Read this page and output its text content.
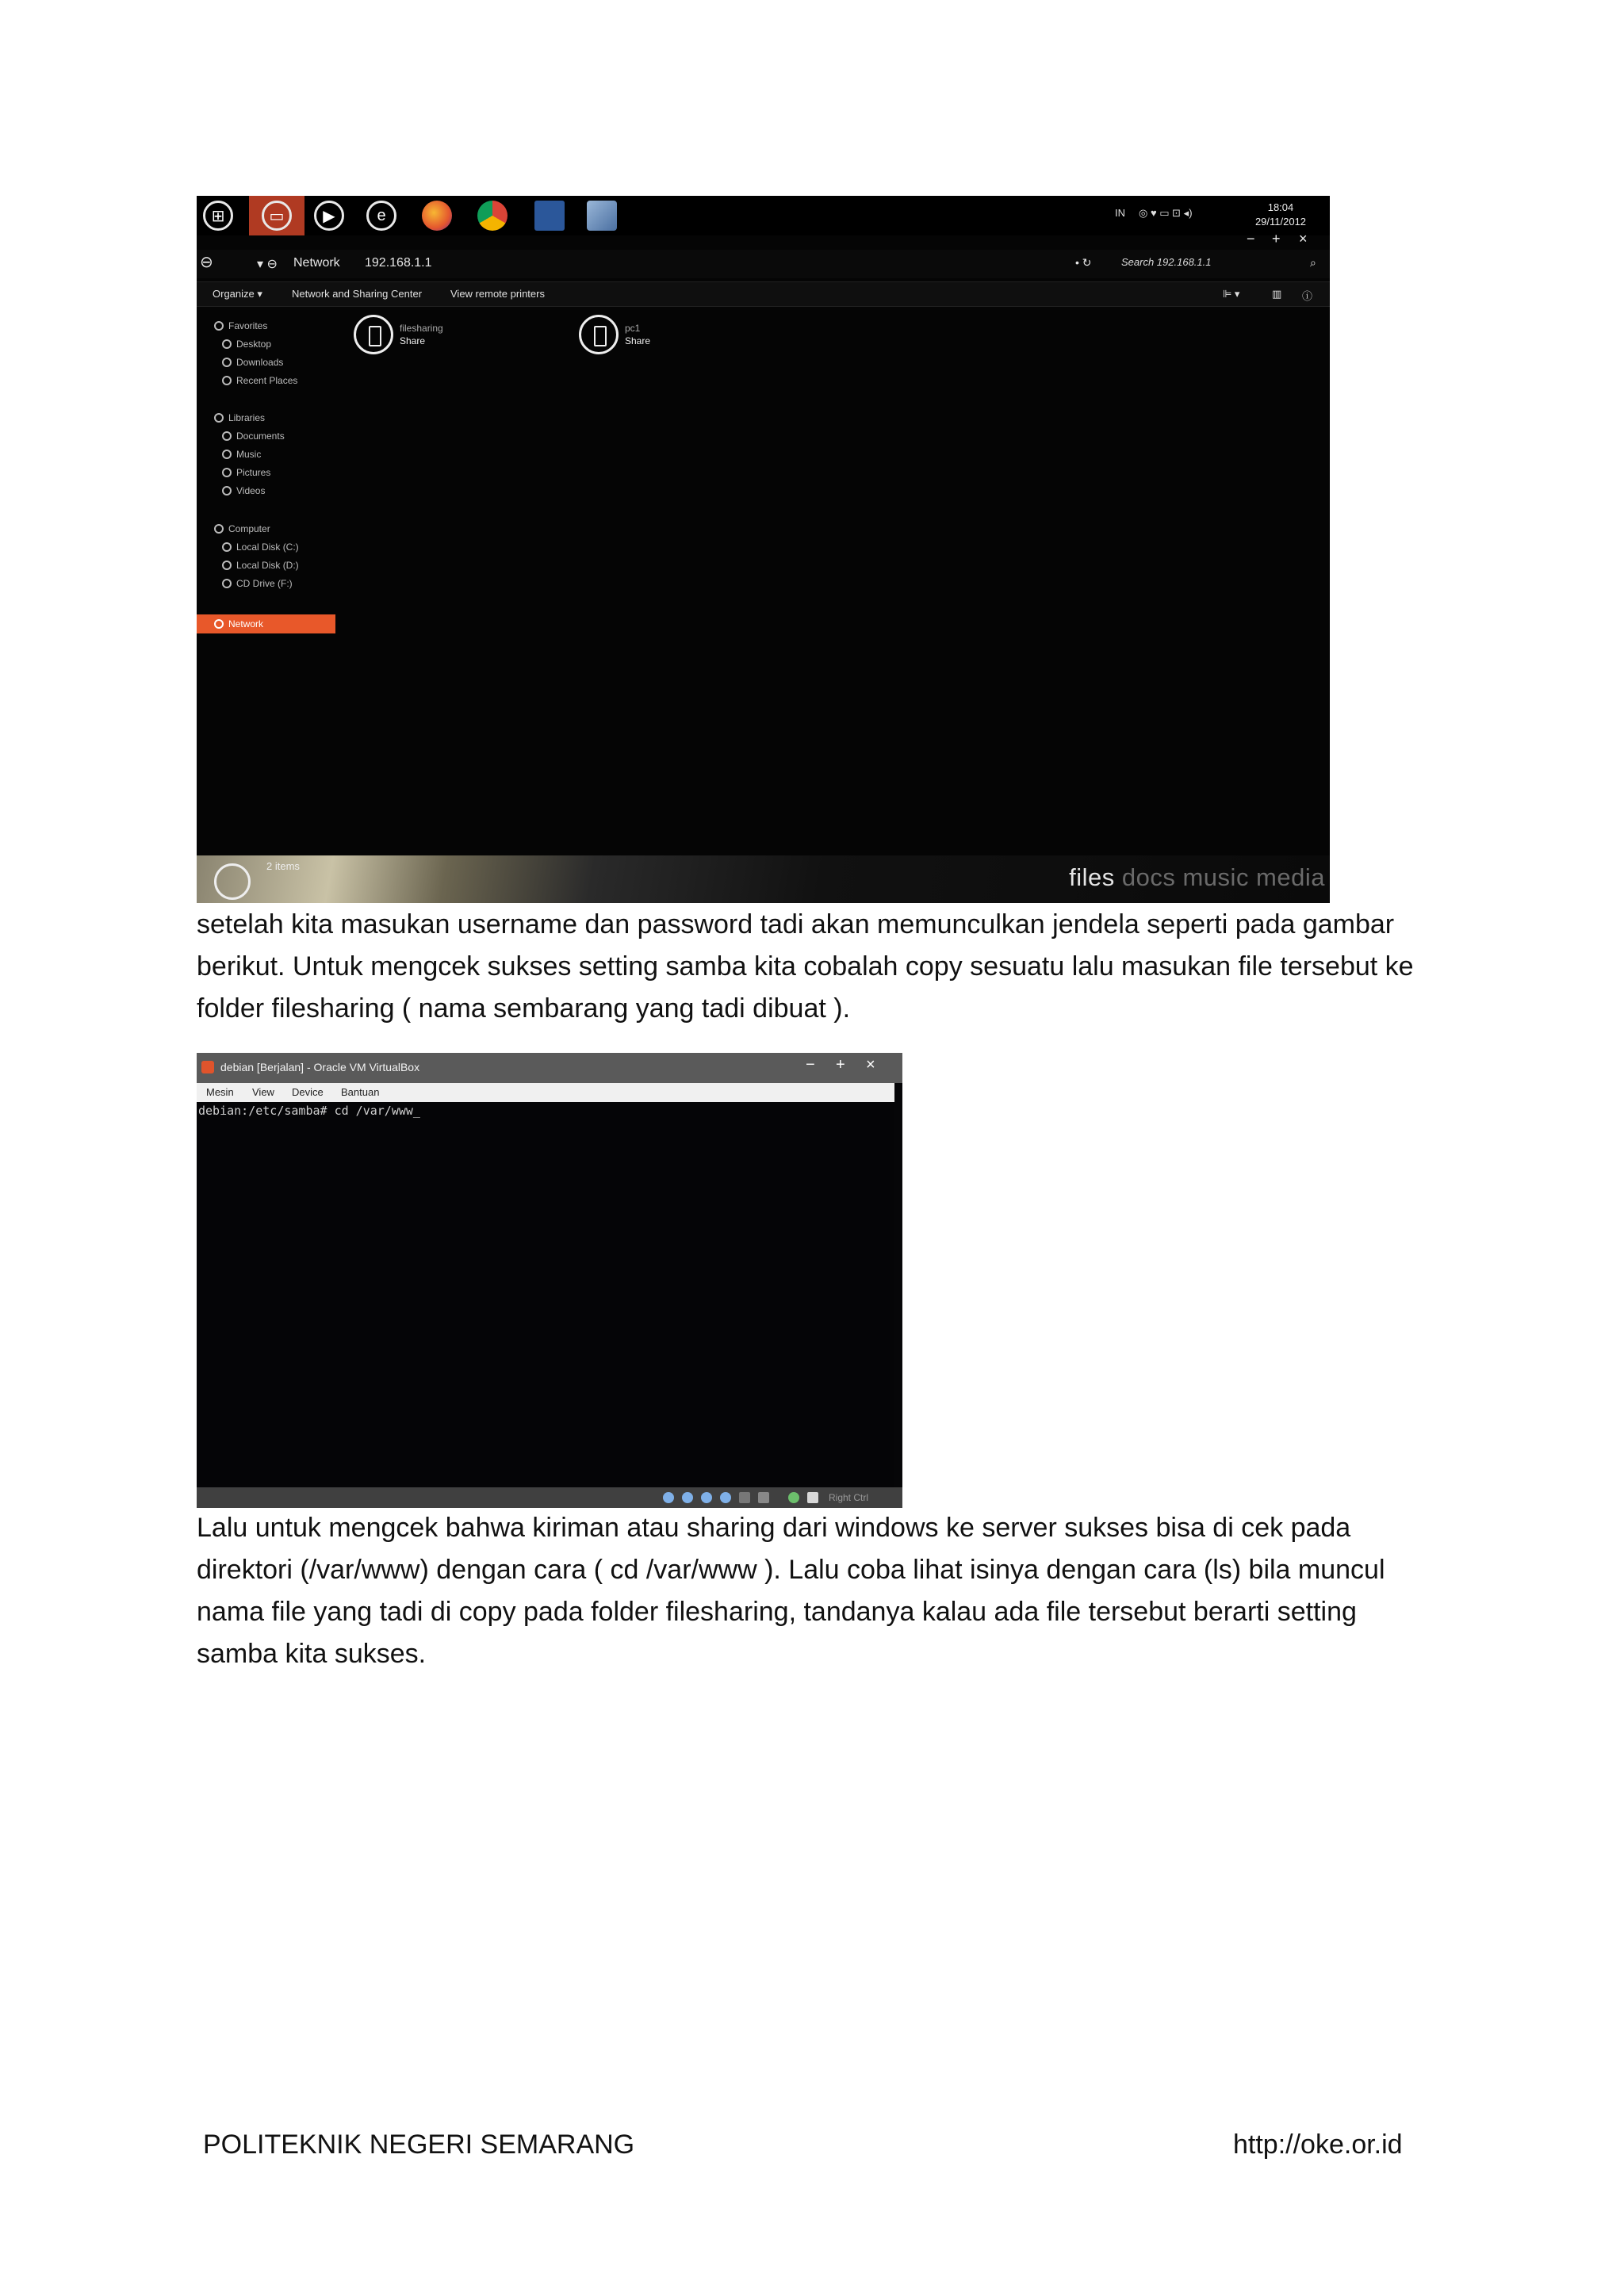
⊞	▭	▶	e	IN ◎ ♥ ▭ ⊡ ◂)	18:04
29/11/2012
− + ×
⊖	▾ ⊖ Network 192.168.1.1	• ↻	Search 192.168.1.1	⌕
Organize ▾	Network and Sharing Center	View remote printers	⊫ ▾	▥ ⓘ
Favorites
Desktop
Downloads
Recent Places
Libraries
Documents
Music
Pictures
Videos
Computer
Local Disk (C:)
Local Disk (D:)
CD Drive (F:)
Network
filesharing
Share
pc1
Share
2 items	files docs music media

setelah kita masukan username dan password tadi akan memunculkan jendela seperti pada gambar berikut. Untuk mengcek sukses setting samba kita cobalah copy sesuatu lalu masukan file tersebut ke folder filesharing ( nama sembarang yang tadi dibuat ).

debian [Berjalan] - Oracle VM VirtualBox	− + ×
Mesin View Device Bantuan
debian:/etc/samba# cd /var/www_
Right Ctrl

Lalu untuk mengcek bahwa kiriman atau sharing dari windows ke server sukses bisa di cek pada direktori (/var/www) dengan cara ( cd /var/www ). Lalu coba lihat isinya dengan cara (ls) bila muncul nama file yang tadi di copy pada folder filesharing, tandanya kalau ada file tersebut berarti setting samba kita sukses.

POLITEKNIK NEGERI SEMARANG	http://oke.or.id
